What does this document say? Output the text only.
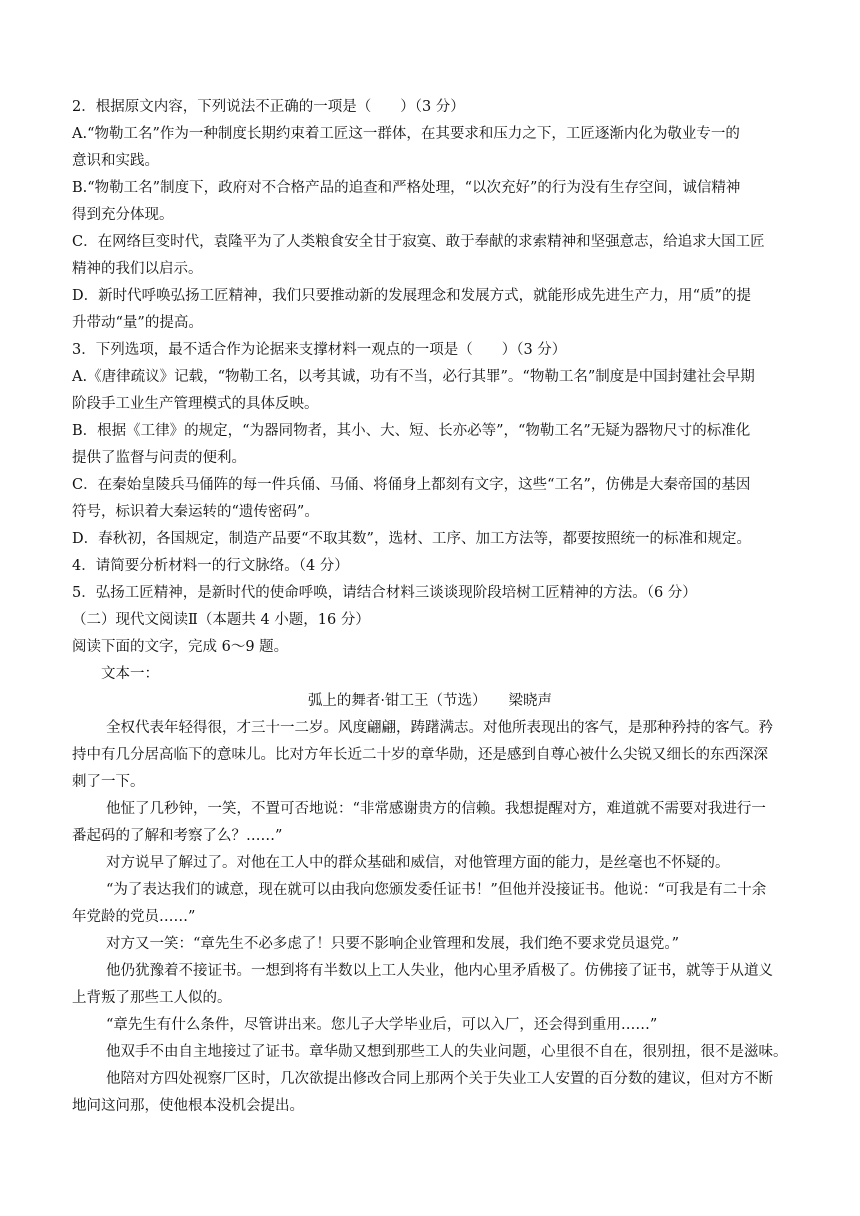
2．根据原文内容，下列说法不正确的一项是（　　）（3 分）
A.“物勒工名”作为一种制度长期约束着工匠这一群体，在其要求和压力之下，工匠逐渐内化为敬业专一的
意识和实践。
B.“物勒工名”制度下，政府对不合格产品的追查和严格处理，“以次充好”的行为没有生存空间，诚信精神
得到充分体现。
C．在网络巨变时代，袁隆平为了人类粮食安全甘于寂寞、敢于奉献的求索精神和坚强意志，给追求大国工匠
精神的我们以启示。
D．新时代呼唤弘扬工匠精神，我们只要推动新的发展理念和发展方式，就能形成先进生产力，用“质”的提
升带动“量”的提高。
3．下列选项，最不适合作为论据来支撑材料一观点的一项是（　　）（3 分）
A.《唐律疏议》记载，“物勒工名，以考其诚，功有不当，必行其罪”。“物勒工名”制度是中国封建社会早期
阶段手工业生产管理模式的具体反映。
B．根据《工律》的规定，“为器同物者，其小、大、短、长亦必等”，“物勒工名”无疑为器物尺寸的标准化
提供了监督与问责的便利。
C．在秦始皇陵兵马俑阵的每一件兵俑、马俑、将俑身上都刻有文字，这些“工名”，仿佛是大秦帝国的基因
符号，标识着大秦运转的“遗传密码”。
D．春秋初，各国规定，制造产品要“不取其数”，选材、工序、加工方法等，都要按照统一的标准和规定。
4．请简要分析材料一的行文脉络。（4 分）
5．弘扬工匠精神，是新时代的使命呼唤，请结合材料三谈谈现阶段培树工匠精神的方法。（6 分）
（二）现代文阅读Ⅱ（本题共 4 小题，16 分）
阅读下面的文字，完成 6～9 题。
文本一：
弧上的舞者·钳工王（节选） 梁晓声
全权代表年轻得很，才三十一二岁。风度翩翩，踌躇满志。对他所表现出的客气，是那种矜持的客气。矜
持中有几分居高临下的意味儿。比对方年长近二十岁的章华勋，还是感到自尊心被什么尖锐又细长的东西深深
刺了一下。
他怔了几秒钟，一笑，不置可否地说：“非常感谢贵方的信赖。我想提醒对方，难道就不需要对我进行一
番起码的了解和考察了么？……”
对方说早了解过了。对他在工人中的群众基础和威信，对他管理方面的能力，是丝毫也不怀疑的。
“为了表达我们的诚意，现在就可以由我向您颁发委任证书！”但他并没接证书。他说：“可我是有二十余
年党龄的党员……”
对方又一笑：“章先生不必多虑了！只要不影响企业管理和发展，我们绝不要求党员退党。”
他仍犹豫着不接证书。一想到将有半数以上工人失业，他内心里矛盾极了。仿佛接了证书，就等于从道义
上背叛了那些工人似的。
“章先生有什么条件，尽管讲出来。您儿子大学毕业后，可以入厂，还会得到重用……”
他双手不由自主地接过了证书。章华勋又想到那些工人的失业问题，心里很不自在，很别扭，很不是滋味。
他陪对方四处视察厂区时，几次欲提出修改合同上那两个关于失业工人安置的百分数的建议，但对方不断
地问这问那，使他根本没机会提出。
